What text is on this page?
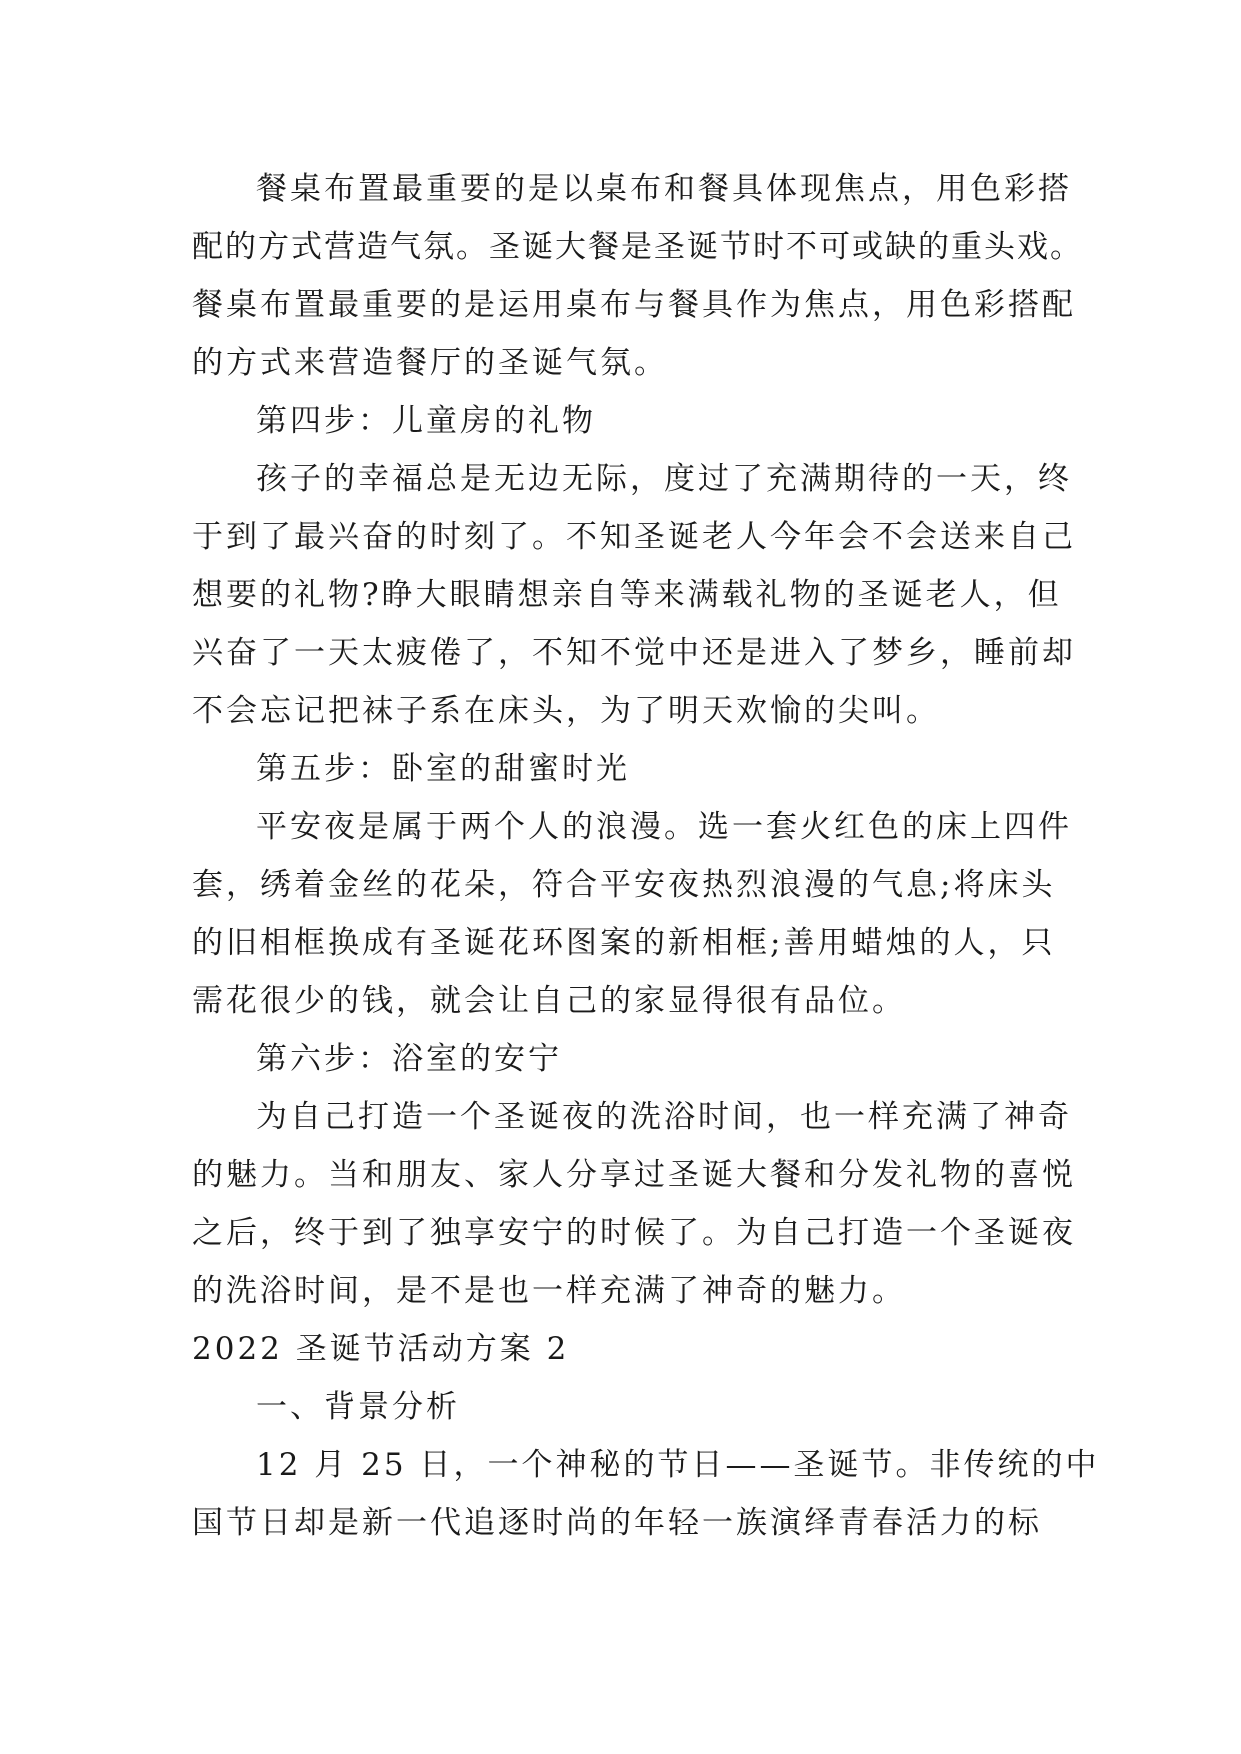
餐桌布置最重要的是以桌布和餐具体现焦点，用色彩搭
配的方式营造气氛。圣诞大餐是圣诞节时不可或缺的重头戏。
餐桌布置最重要的是运用桌布与餐具作为焦点，用色彩搭配
的方式来营造餐厅的圣诞气氛。
第四步：儿童房的礼物
孩子的幸福总是无边无际，度过了充满期待的一天，终
于到了最兴奋的时刻了。不知圣诞老人今年会不会送来自己
想要的礼物?睁大眼睛想亲自等来满载礼物的圣诞老人，但
兴奋了一天太疲倦了，不知不觉中还是进入了梦乡，睡前却
不会忘记把袜子系在床头，为了明天欢愉的尖叫。
第五步：卧室的甜蜜时光
平安夜是属于两个人的浪漫。选一套火红色的床上四件
套，绣着金丝的花朵，符合平安夜热烈浪漫的气息;将床头
的旧相框换成有圣诞花环图案的新相框;善用蜡烛的人，只
需花很少的钱，就会让自己的家显得很有品位。
第六步：浴室的安宁
为自己打造一个圣诞夜的洗浴时间，也一样充满了神奇
的魅力。当和朋友、家人分享过圣诞大餐和分发礼物的喜悦
之后，终于到了独享安宁的时候了。为自己打造一个圣诞夜
的洗浴时间，是不是也一样充满了神奇的魅力。
2022 圣诞节活动方案 2
一、背景分析
12 月 25 日，一个神秘的节日——圣诞节。非传统的中
国节日却是新一代追逐时尚的年轻一族演绎青春活力的标
